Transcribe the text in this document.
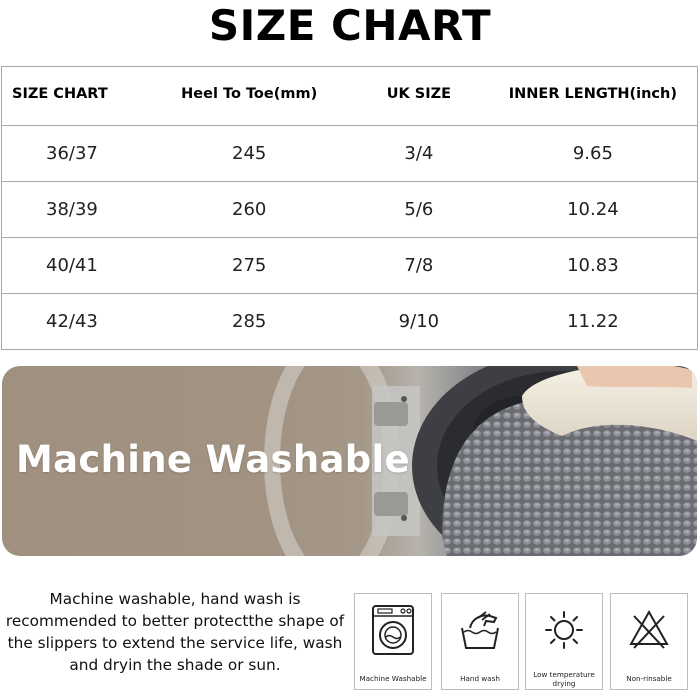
SIZE CHART
SIZE CHART	Heel To Toe(mm)	UK SIZE	INNER LENGTH(inch)
36/37	245	3/4	9.65
38/39	260	5/6	10.24
40/41	275	7/8	10.83
42/43	285	9/10	11.22
Machine Washable
Machine washable, hand wash is
recommended to better protectthe shape of
the slippers to extend the service life, wash
and dryin the shade or sun.
Machine Washable	Hand wash	Low temperature drying
Non-rinsable
